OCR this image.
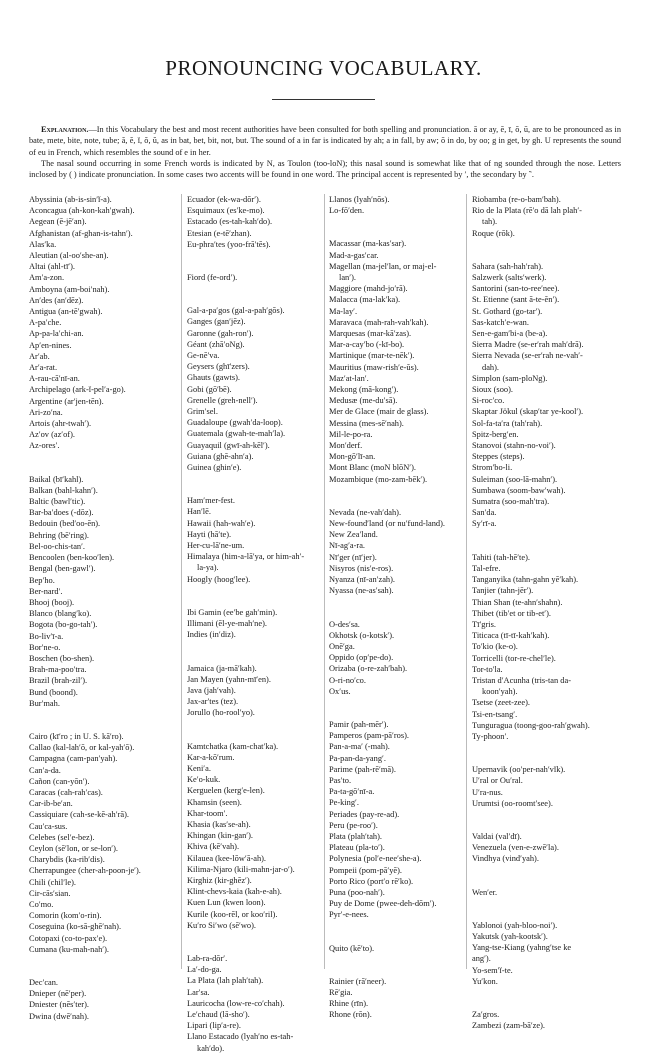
PRONOUNCING VOCABULARY.

Explanation.—In this Vocabulary the best and most recent authorities have been consulted for both spelling and pronunciation. ā or ay, ē, ī, ō, ū, are to be pronounced as in bate, mete, bite, note, tube; ă, ĕ, ĭ, ŏ, ŭ, as in bat, bet, bit, not, but. The sound of a in far is indicated by ah; a in fall, by aw; ō in do, by oo; g in get, by gh. U represents the sound of eu in French, which resembles the sound of e in her.

The nasal sound occurring in some French words is indicated by N, as Toulon (too-loN); this nasal sound is somewhat like that of ng sounded through the nose. Letters inclosed by ( ) indicate pronunciation. In some cases two accents will be found in one word. The principal accent is represented by ′, the secondary by ‶.

Abyssinia (ab-is-sin′ĭ-a).
Aconcagua (ah-kon-kah′gwah).
Aegean (ē-jē′an).
Afghanistan (af-ghan-is-tahn′).
Alas′ka.
Aleutian (al-oo′she-an).
Altai (ahl-tī′).
Am′a-zon.
Amboyna (am-boi′nah).
An′des (an′dēz).
Antigua (an-tē′gwah).
A-pa′che.
Ap-pa-la′chi-an.
Ap′en-nines.
Ar′ab.
Ar′a-rat.
A-rau-cā′nī-an.
Archipelago (ark-ĭ-pel′a-go).
Argentine (ar′jen-tēn).
Ari-zo′na.
Artois (ahr-twah′).
Az′ov (az′of).
Az-ores′.
Baikal (bī′kahl).
Balkan (bahl-kahn′).
Baltic (bawl′tic).
Bar-ba′does (-dōz).
Bedouin (bed′oo-ēn).
Behring (bē′ring).
Bel-oo-chis-tan′.
Bencoolen (ben-koo′len).
Bengal (ben-gawl′).
Bep′ho.
Ber-nard′.
Bhooj (booj).
Blanco (blang′ko).
Bogota (bo-go-tah′).
Bo-liv′ī-a.
Bor′ne-o.
Boschen (bo-shen).
Brah-ma-poo′tra.
Brazil (brah-zil′).
Bund (boond).
Bur′mah.
Cairo (kī′ro ; in U. S. kā′ro).
Callao (kal-lah′ō, or kal-yah′ō).
Campagna (cam-pan′yah).
Can′a-da.
Cañon (can-yōn′).
Caracas (cah-rah′cas).
Car-ib-be′an.
Cassiquiare (cah-se-kē-ah′rā).
Cau′ca-sus.
Celebes (sel′e-bez).
Ceylon (sē′lon, or se-lon′).
Charybdis (ka-rib′dis).
Cherrapungee (cher-ah-poon-je′).
Chili (chil′le).
Cir-cās′sian.
Co′mo.
Comorin (kom′o-rin).
Coseguina (ko-sā-ghē′nah).
Cotopaxi (co-to-pax′e).
Cumana (ku-mah-nah′).
Dec′can.
Dnieper (nē′per).
Dniester (nēs′ter).
Dwina (dwē′nah).
Ecuador (ek-wa-dōr′).
Esquimaux (es′ke-mo).
Estacado (es-tah-kah′do).
Etesian (e-tē′zhan).
Eu-phra′tes (yoo-frā′tēs).
Fiord (fe-ord′).
Gal-a-pa′gos (gal-a-pah′gōs).
Ganges (gan′jēz).
Garonne (gah-ron′).
Géant (zhā′oNg).
Ge-nē′va.
Geysers (ghī′zers).
Ghauts (gawts).
Gobi (gō′bē).
Grenelle (greh-nell′).
Grim′sel.
Guadaloupe (gwah′da-loop).
Guatemala (gwah-te-mah′la).
Guayaquil (gwī-ah-kēl′).
Guiana (ghē-ahn′a).
Guinea (ghin′e).
Ham′mer-fest.
Han′lē.
Hawaii (hah-wah′e).
Hayti (hā′te).
Her-cu-lā′ne-um.
Himalaya (him-a-lā′ya, or him-ah′-
la-ya).
Hoogly (hoog′lee).
Ibi Gamin (ee′be gah′min).
Illimani (ēl-ye-mah′ne).
Indies (in′diz).
Jamaica (ja-mā′kah).
Jan Mayen (yahn-mī′en).
Java (jah′vah).
Jax-ar′tes (tez).
Jorullo (ho-rool′yo).
Kamtchatka (kam-chat′ka).
Kar-a-kō′rum.
Keni′a.
Ke′o-kuk.
Kerguelen (kerg′e-len).
Khamsin (seen).
Khar-toom′.
Khasia (kas′se-ah).
Khingan (kin-gan′).
Khiva (kē′vah).
Kilauea (kee-lōw′ā-ah).
Kilima-Njaro (kili-mahn-jar-o′).
Kirghiz (kir-ghēz′).
Klint-chevs-kaia (kah-e-ah).
Kuen Lun (kwen loon).
Kurile (koo-rēl, or koo′ril).
Ku′ro Si′wo (sē′wo).
Lab-ra-dōr′.
La′-do-ga.
La Plata (lah plah′tah).
Lar′sa.
Lauricocha (low-re-co′chah).
Le′chaud (lā-sho′).
Lipari (lip′a-re).
Llano Estacado (lyah′no es-tah-
kah′do).
Llanos (lyah′nōs).
Lo-fō′den.
Macassar (ma-kas′sar).
Mad-a-gas′car.
Magellan (ma-jel′lan, or maj-el-
lan′).
Maggiore (mahd-jo′rā).
Malacca (ma-lak′ka).
Ma-lay′.
Maravaca (mah-rah-vah′kah).
Marquesas (mar-kā′zas).
Mar-a-cay′bo (-kī-bo).
Martinique (mar-te-nēk′).
Mauritius (maw-rish′e-ŭs).
Maz′at-lan′.
Mekong (mā-kong′).
Medusæ (me-du′sā).
Mer de Glace (mair de glass).
Messina (mes-sē′nah).
Mil-le-po-ra.
Mon′derf.
Mon-gō′lī-an.
Mont Blanc (moN blōN′).
Mozambique (mo-zam-bēk′).
Nevada (ne-vah′dah).
New-found′land (or nu′fund-land).
New Zea′land.
Nī-ag′a-ra.
Nī′ger (nī′jer).
Nisyros (nis′e-ros).
Nyanza (nī-an′zah).
Nyassa (ne-as′sah).
O-des′sa.
Okhotsk (o-kotsk′).
Onē′ga.
Oppido (op′pe-do).
Orizaba (o-re-zah′bah).
O-ri-no′co.
Ox′us.
Pamir (pah-mēr′).
Pamperos (pam-pā′ros).
Pan-a-ma′ (-mah).
Pa-pan-da-yang′.
Parime (pah-rē′mā).
Pas′to.
Pa-ta-gō′nī-a.
Pe-king′.
Periades (pay-re-ad).
Peru (pe-roo′).
Plata (plah′tah).
Plateau (pla-to′).
Polynesia (pol′e-nee′she-a).
Pompeii (pom-pā′yē).
Porto Rico (port′o rē′ko).
Puna (poo-nah′).
Puy de Dome (pwee-deh-dōm′).
Pyr′-e-nees.
Quito (kē′to).
Rainier (rā′neer).
Rē′gia.
Rhine (rīn).
Rhone (rōn).
Riobamba (re-o-bam′bah).
Rio de la Plata (rē′o dā lah plah′-
tah).
Roque (rōk).
Sahara (sah-hah′rah).
Salzwerk (salts′werk).
Santorini (san-to-ree′nee).
St. Etienne (sant ā-te-ĕn′).
St. Gothard (go-tar′).
Sas-katch′e-wan.
Sen-e-gam′bi-a (be-a).
Sierra Madre (se-er′rah mah′drā).
Sierra Nevada (se-er′rah ne-vah′-
dah).
Simplon (sam-ploNg).
Sioux (soo).
Si-roc′co.
Skaptar Jökul (skap′tar ye-kool′).
Sol-fa-ta′ra (tah′rah).
Spitz-berg′en.
Stanovoi (stahn-no-voi′).
Steppes (steps).
Strom′bo-li.
Suleiman (soo-lā-mahn′).
Sumbawa (soom-baw′wah).
Sumatra (soo-mah′tra).
San′da.
Sy′rī-a.
Tahiti (tah-hē′te).
Tal-efre.
Tanganyika (tahn-gahn yē′kah).
Tanjier (tahn-jēr′).
Thian Shan (te-ahn′shahn).
Thibet (tib′et or tib-et′).
Tī′gris.
Titicaca (tī-tī-kah′kah).
To′kio (ke-o).
Torricelli (tor-re-chel′le).
Tor-to′la.
Tristan d′Acunha (tris-tan da-
koon′yah).
Tsetse (zeet-zee).
Tsi-en-tsang′.
Tunguragua (toong-goo-rah′gwah).
Ty-phoon′.
Upernavik (oo′per-nah′vĭk).
U′ral or Ou′ral.
U′ra-nus.
Urumtsi (oo-roomt′see).
Valdai (val′dī).
Venezuela (ven-e-zwē′la).
Vindhya (vind′yah).
Wen′er.
Yablonoi (yah-bloo-noi′).
Yakutsk (yah-kootsk′).
Yang-tse-Kiang (yahng′tse ke
ang′).
Yo-sem′ĭ-te.
Yu′kon.
Za′gros.
Zambezi (zam-bā′ze).
